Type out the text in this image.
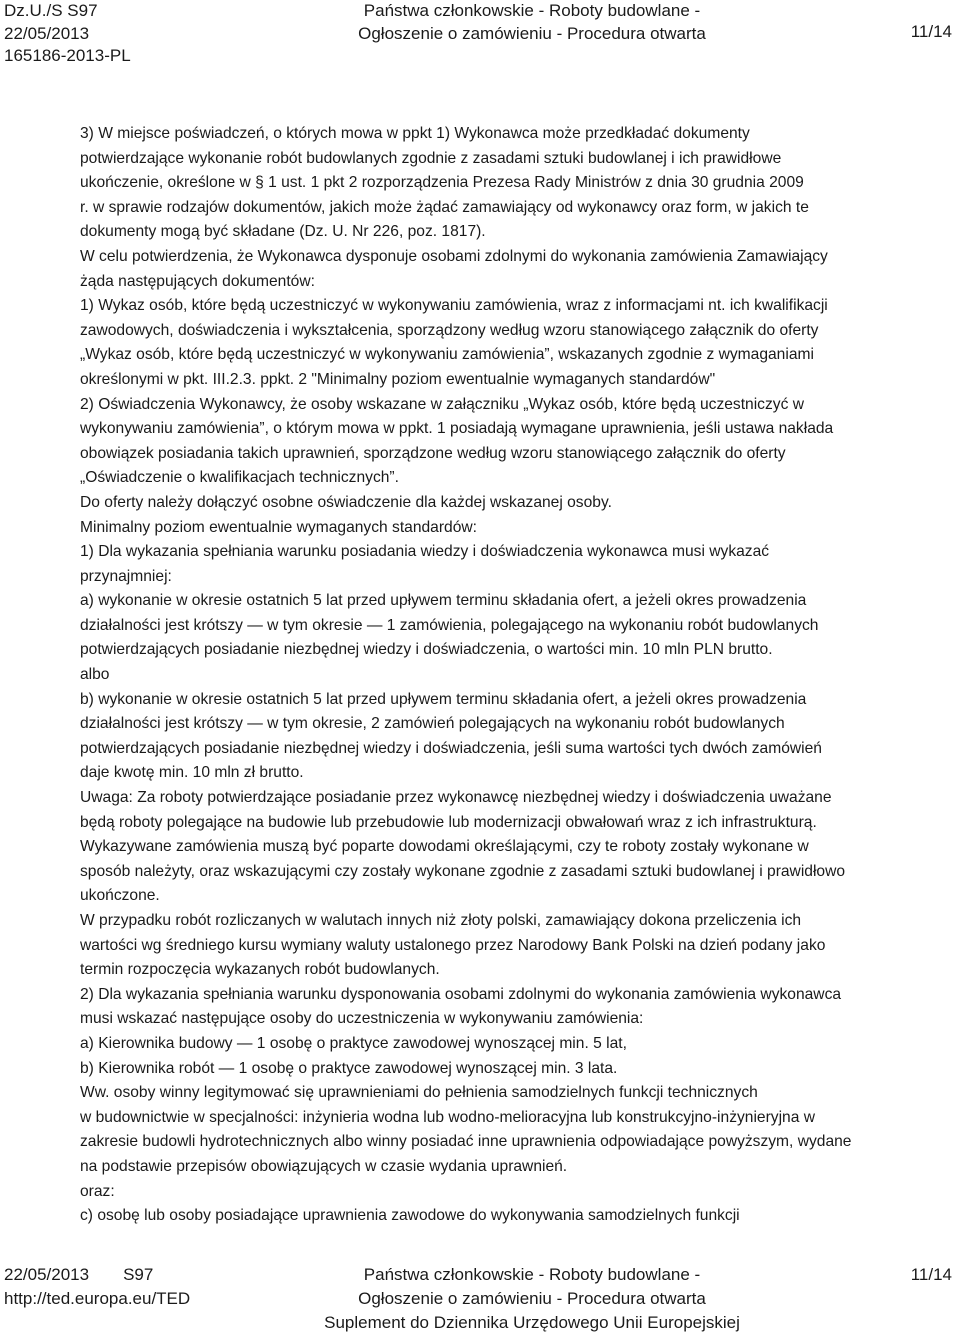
Dz.U./S S97
22/05/2013
165186-2013-PL
Państwa członkowskie - Roboty budowlane -
Ogłoszenie o zamówieniu - Procedura otwarta	11/14

3) W miejsce poświadczeń, o których mowa w ppkt 1) Wykonawca może przedkładać dokumenty

potwierdzające wykonanie robót budowlanych zgodnie z zasadami sztuki budowlanej i ich prawidłowe

ukończenie, określone w § 1 ust. 1 pkt 2 rozporządzenia Prezesa Rady Ministrów z dnia 30 grudnia 2009

r. w sprawie rodzajów dokumentów, jakich może żądać zamawiający od wykonawcy oraz form, w jakich te

dokumenty mogą być składane (Dz. U. Nr 226, poz. 1817).

W celu potwierdzenia, że Wykonawca dysponuje osobami zdolnymi do wykonania zamówienia Zamawiający

żąda następujących dokumentów:

1) Wykaz osób, które będą uczestniczyć w wykonywaniu zamówienia, wraz z informacjami nt. ich kwalifikacji

zawodowych, doświadczenia i wykształcenia, sporządzony według wzoru stanowiącego załącznik do oferty

„Wykaz osób, które będą uczestniczyć w wykonywaniu zamówienia”, wskazanych zgodnie z wymaganiami

określonymi w pkt. III.2.3. ppkt. 2 "Minimalny poziom ewentualnie wymaganych standardów"

2) Oświadczenia Wykonawcy, że osoby wskazane w załączniku „Wykaz osób, które będą uczestniczyć w

wykonywaniu zamówienia”, o którym mowa w ppkt. 1 posiadają wymagane uprawnienia, jeśli ustawa nakłada

obowiązek posiadania takich uprawnień, sporządzone według wzoru stanowiącego załącznik do oferty

„Oświadczenie o kwalifikacjach technicznych”.

Do oferty należy dołączyć osobne oświadczenie dla każdej wskazanej osoby.

Minimalny poziom ewentualnie wymaganych standardów:

1) Dla wykazania spełniania warunku posiadania wiedzy i doświadczenia wykonawca musi wykazać

przynajmniej:

a) wykonanie w okresie ostatnich 5 lat przed upływem terminu składania ofert, a jeżeli okres prowadzenia

działalności jest krótszy — w tym okresie — 1 zamówienia, polegającego na wykonaniu robót budowlanych

potwierdzających posiadanie niezbędnej wiedzy i doświadczenia, o wartości min. 10 mln PLN brutto.

albo

b) wykonanie w okresie ostatnich 5 lat przed upływem terminu składania ofert, a jeżeli okres prowadzenia

działalności jest krótszy — w tym okresie, 2 zamówień polegających na wykonaniu robót budowlanych

potwierdzających posiadanie niezbędnej wiedzy i doświadczenia, jeśli suma wartości tych dwóch zamówień

daje kwotę min. 10 mln zł brutto.

Uwaga: Za roboty potwierdzające posiadanie przez wykonawcę niezbędnej wiedzy i doświadczenia uważane

będą roboty polegające na budowie lub przebudowie lub modernizacji obwałowań wraz z ich infrastrukturą.

Wykazywane zamówienia muszą być poparte dowodami określającymi, czy te roboty zostały wykonane w

sposób należyty, oraz wskazującymi czy zostały wykonane zgodnie z zasadami sztuki budowlanej i prawidłowo

ukończone.

W przypadku robót rozliczanych w walutach innych niż złoty polski, zamawiający dokona przeliczenia ich

wartości wg średniego kursu wymiany waluty ustalonego przez Narodowy Bank Polski na dzień podany jako

termin rozpoczęcia wykazanych robót budowlanych.

2) Dla wykazania spełniania warunku dysponowania osobami zdolnymi do wykonania zamówienia wykonawca

musi wskazać następujące osoby do uczestniczenia w wykonywaniu zamówienia:

a) Kierownika budowy — 1 osobę o praktyce zawodowej wynoszącej min. 5 lat,

b) Kierownika robót — 1 osobę o praktyce zawodowej wynoszącej min. 3 lata.

Ww. osoby winny legitymować się uprawnieniami do pełnienia samodzielnych funkcji technicznych

w budownictwie w specjalności: inżynieria wodna lub wodno-melioracyjna lub konstrukcyjno-inżynieryjna w

zakresie budowli hydrotechnicznych albo winny posiadać inne uprawnienia odpowiadające powyższym, wydane

na podstawie przepisów obowiązujących w czasie wydania uprawnień.

oraz:

c) osobę lub osoby posiadające uprawnienia zawodowe do wykonywania samodzielnych funkcji

22/05/2013 S97
http://ted.europa.eu/TED
Państwa członkowskie - Roboty budowlane -
Ogłoszenie o zamówieniu - Procedura otwarta
Suplement do Dziennika Urzędowego Unii Europejskiej
11/14
